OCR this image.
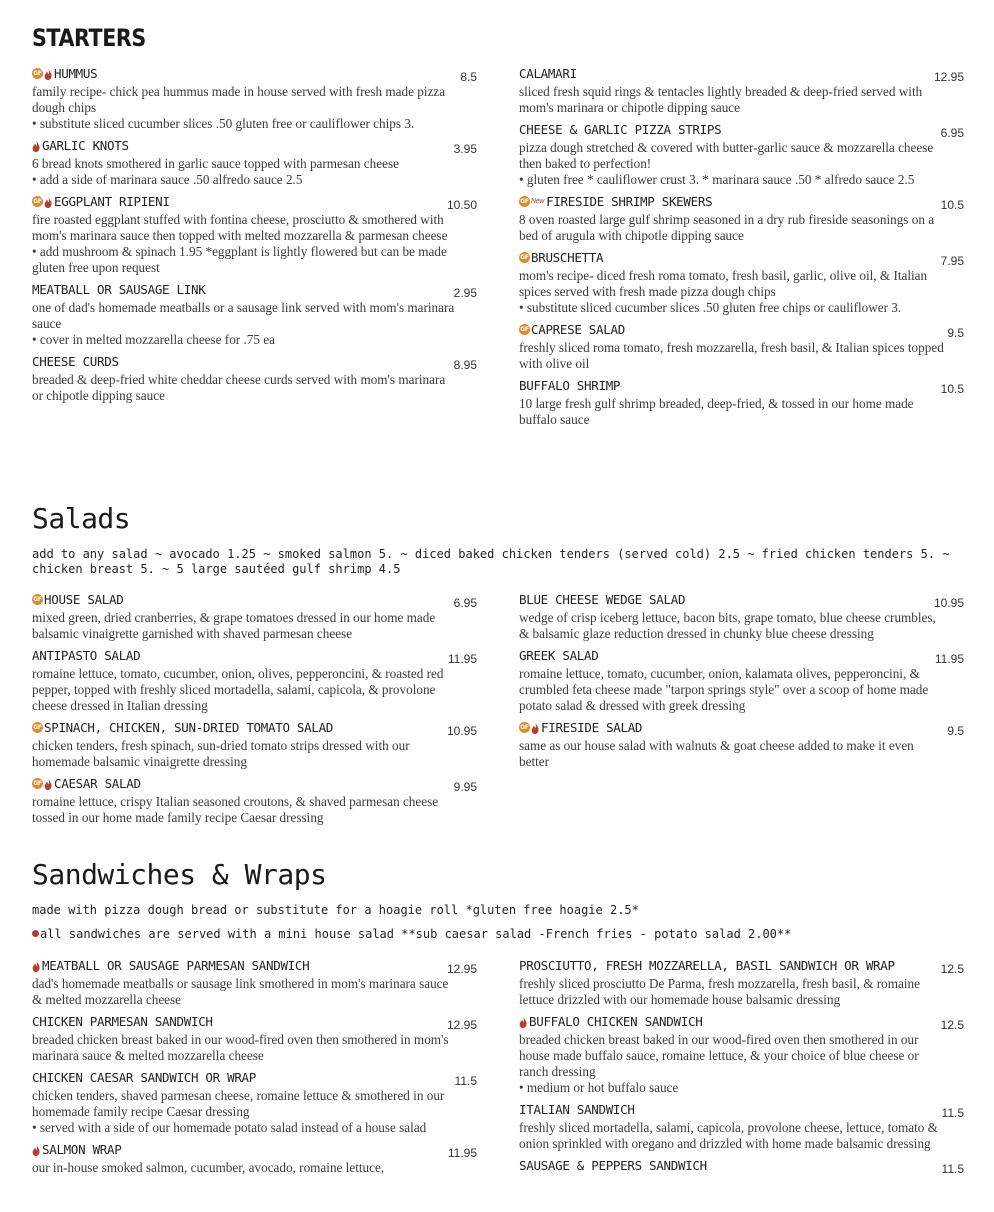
STARTERS
GF HUMMUS	8.5
family recipe- chick pea hummus made in house served with fresh made pizza dough chips
• substitute sliced cucumber slices .50 gluten free or cauliflower chips 3.
GARLIC KNOTS	3.95
6 bread knots smothered in garlic sauce topped with parmesan cheese
• add a side of marinara sauce .50 alfredo sauce 2.5
GF EGGPLANT RIPIENI	10.50
fire roasted eggplant stuffed with fontina cheese, prosciutto & smothered with mom's marinara sauce then topped with melted mozzarella & parmesan cheese
• add mushroom & spinach 1.95 *eggplant is lightly flowered but can be made gluten free upon request
MEATBALL OR SAUSAGE LINK	2.95
one of dad's homemade meatballs or a sausage link served with mom's marinara sauce
• cover in melted mozzarella cheese for .75 ea
CHEESE CURDS	8.95
breaded & deep-fried white cheddar cheese curds served with mom's marinara or chipotle dipping sauce
CALAMARI	12.95
sliced fresh squid rings & tentacles lightly breaded & deep-fried served with mom's marinara or chipotle dipping sauce
CHEESE & GARLIC PIZZA STRIPS	6.95
pizza dough stretched & covered with butter-garlic sauce & mozzarella cheese then baked to perfection!
• gluten free * cauliflower crust 3. * marinara sauce .50 * alfredo sauce 2.5
GF New FIRESIDE SHRIMP SKEWERS	10.5
8 oven roasted large gulf shrimp seasoned in a dry rub fireside seasonings on a bed of arugula with chipotle dipping sauce
GF BRUSCHETTA	7.95
mom's recipe- diced fresh roma tomato, fresh basil, garlic, olive oil, & Italian spices served with fresh made pizza dough chips
• substitute sliced cucumber slices .50 gluten free chips or cauliflower 3.
GF CAPRESE SALAD	9.5
freshly sliced roma tomato, fresh mozzarella, fresh basil, & Italian spices topped with olive oil
BUFFALO SHRIMP	10.5
10 large fresh gulf shrimp breaded, deep-fried, & tossed in our home made buffalo sauce
Salads

add to any salad ~ avocado 1.25 ~ smoked salmon 5. ~ diced baked chicken tenders (served cold) 2.5 ~ fried chicken tenders 5. ~ chicken breast 5. ~ 5 large sautéed gulf shrimp 4.5

GF HOUSE SALAD	6.95
mixed green, dried cranberries, & grape tomatoes dressed in our home made balsamic vinaigrette garnished with shaved parmesan cheese
ANTIPASTO SALAD	11.95
romaine lettuce, tomato, cucumber, onion, olives, pepperoncini, & roasted red pepper, topped with freshly sliced mortadella, salami, capicola, & provolone cheese dressed in Italian dressing
GF SPINACH, CHICKEN, SUN-DRIED TOMATO SALAD	10.95
chicken tenders, fresh spinach, sun-dried tomato strips dressed with our homemade balsamic vinaigrette dressing
GF CAESAR SALAD	9.95
romaine lettuce, crispy Italian seasoned croutons, & shaved parmesan cheese tossed in our home made family recipe Caesar dressing
BLUE CHEESE WEDGE SALAD	10.95
wedge of crisp iceberg lettuce, bacon bits, grape tomato, blue cheese crumbles, & balsamic glaze reduction dressed in chunky blue cheese dressing
GREEK SALAD	11.95
romaine lettuce, tomato, cucumber, onion, kalamata olives, pepperoncini, & crumbled feta cheese made "tarpon springs style" over a scoop of home made potato salad & dressed with greek dressing
GF FIRESIDE SALAD	9.5
same as our house salad with walnuts & goat cheese added to make it even better
Sandwiches & Wraps

made with pizza dough bread or substitute for a hoagie roll *gluten free hoagie 2.5*

all sandwiches are served with a mini house salad **sub caesar salad -French fries - potato salad 2.00**

MEATBALL OR SAUSAGE PARMESAN SANDWICH	12.95
dad's homemade meatballs or sausage link smothered in mom's marinara sauce & melted mozzarella cheese
CHICKEN PARMESAN SANDWICH	12.95
breaded chicken breast baked in our wood-fired oven then smothered in mom's marinara sauce & melted mozzarella cheese
CHICKEN CAESAR SANDWICH OR WRAP	11.5
chicken tenders, shaved parmesan cheese, romaine lettuce & smothered in our homemade family recipe Caesar dressing
• served with a side of our homemade potato salad instead of a house salad
SALMON WRAP	11.95
our in-house smoked salmon, cucumber, avocado, romaine lettuce,
PROSCIUTTO, FRESH MOZZARELLA, BASIL SANDWICH OR WRAP	12.5
freshly sliced prosciutto De Parma, fresh mozzarella, fresh basil, & romaine lettuce drizzled with our homemade house balsamic dressing
BUFFALO CHICKEN SANDWICH	12.5
breaded chicken breast baked in our wood-fired oven then smothered in our house made buffalo sauce, romaine lettuce, & your choice of blue cheese or ranch dressing
• medium or hot buffalo sauce
ITALIAN SANDWICH	11.5
freshly sliced mortadella, salami, capicola, provolone cheese, lettuce, tomato & onion sprinkled with oregano and drizzled with home made balsamic dressing
SAUSAGE & PEPPERS SANDWICH	11.5
